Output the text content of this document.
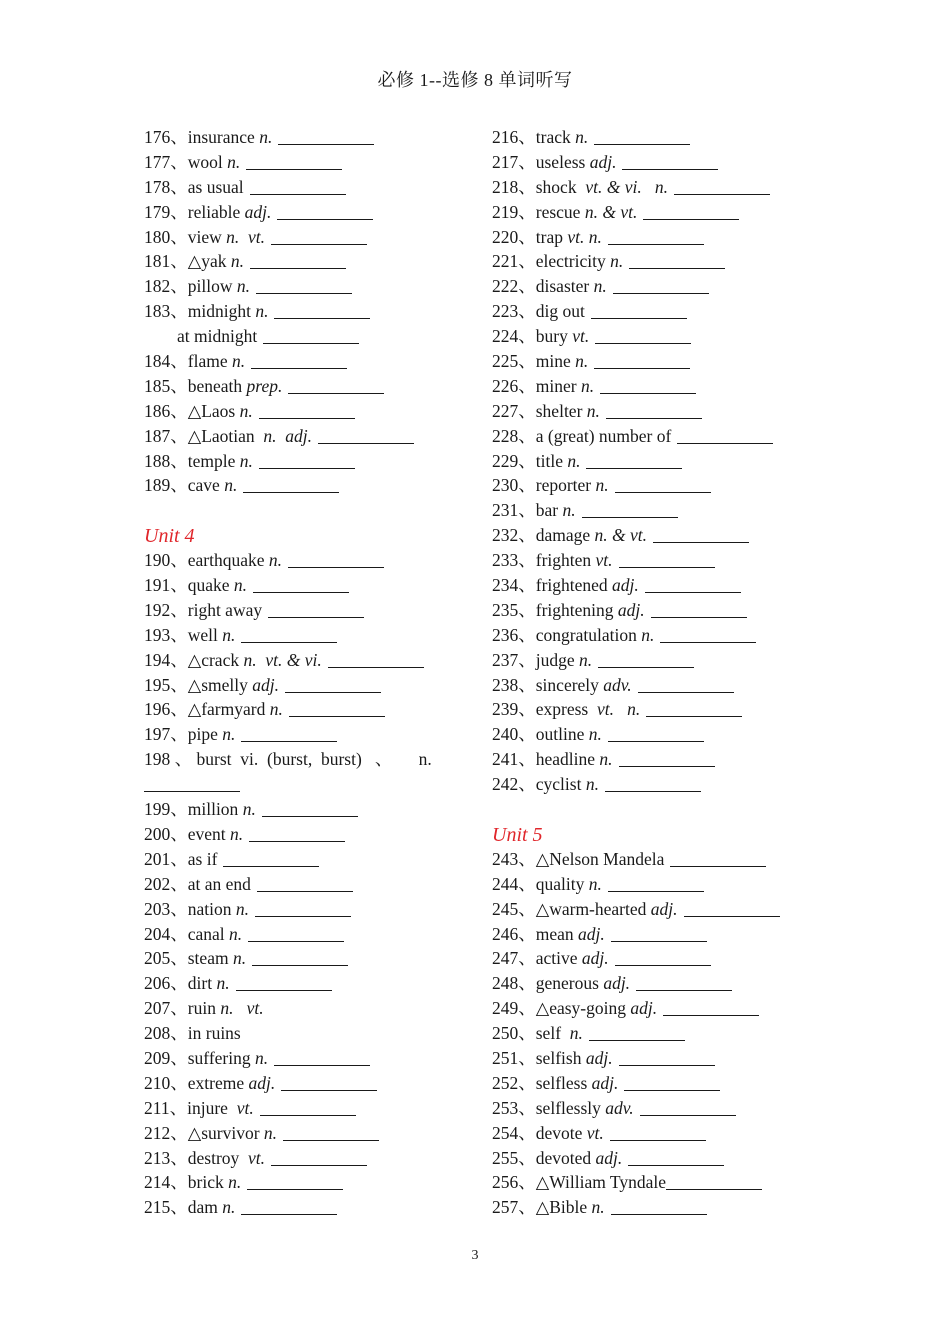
必修 1--选修 8 单词听写
176、insurance n.
177、wool n.
178、as usual
179、reliable adj.
180、view n.  vt.
181、△yak n.
182、pillow n.
183、midnight n.
at midnight
184、flame n.
185、beneath prep.
186、△Laos n.
187、△Laotian  n.  adj.
188、temple n.
189、cave n.
Unit 4
190、earthquake n.
191、quake n.
192、right away
193、well n.
194、△crack n.  vt. & vi.
195、△smelly adj.
196、△farmyard n.
197、pipe n.
198 、 burst  vi.  (burst,  burst)   、      n.
199、million n.
200、event n.
201、as if
202、at an end
203、nation n.
204、canal n.
205、steam n.
206、dirt n.
207、ruin n.   vt.
208、in ruins
209、suffering n.
210、extreme adj.
211、injure  vt.
212、△survivor n.
213、destroy  vt.
214、brick n.
215、dam n.
216、track n.
217、useless adj.
218、shock  vt. & vi.   n.
219、rescue n. & vt.
220、trap vt. n.
221、electricity n.
222、disaster n.
223、dig out
224、bury vt.
225、mine n.
226、miner n.
227、shelter n.
228、a (great) number of
229、title n.
230、reporter n.
231、bar n.
232、damage n. & vt.
233、frighten vt.
234、frightened adj.
235、frightening adj.
236、congratulation n.
237、judge n.
238、sincerely adv.
239、express  vt.   n.
240、outline n.
241、headline n.
242、cyclist n.
Unit 5
243、△Nelson Mandela
244、quality n.
245、△warm-hearted adj.
246、mean adj.
247、active adj.
248、generous adj.
249、△easy-going adj.
250、self  n.
251、selfish adj.
252、selfless adj.
253、selflessly adv.
254、devote vt.
255、devoted adj.
256、△William Tyndale
257、△Bible n.
3
